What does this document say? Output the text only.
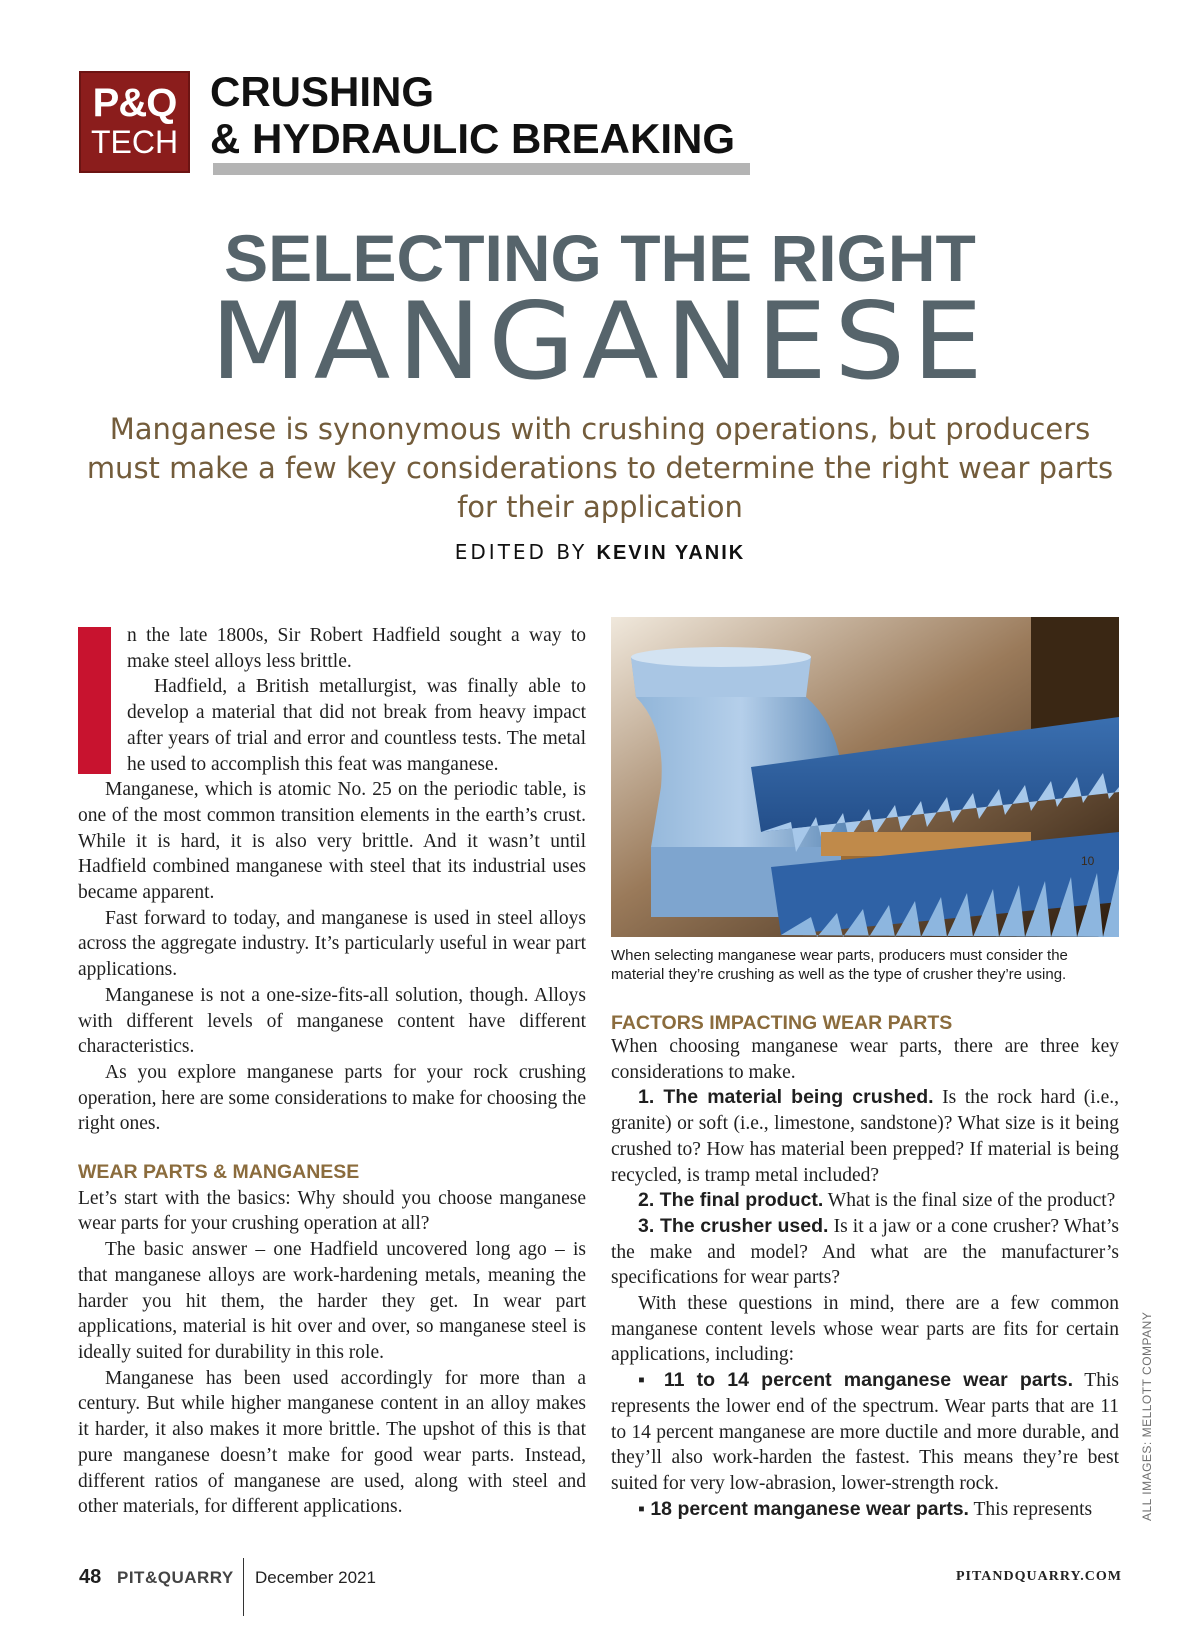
P&Q
TECH
CRUSHING
& HYDRAULIC BREAKING
SELECTING THE RIGHT
MANGANESE
Manganese is synonymous with crushing operations, but producers must make a few key considerations to determine the right wear parts for their application
EDITED BY KEVIN YANIK

n the late 1800s, Sir Robert Hadfield sought a way to make steel alloys less brittle.

Hadfield, a British metallurgist, was finally able to develop a material that did not break from heavy impact after years of trial and error and countless tests. The metal he used to accomplish this feat was manganese.

Manganese, which is atomic No. 25 on the periodic table, is one of the most common transition elements in the earth’s crust. While it is hard, it is also very brittle. And it wasn’t until Hadfield combined manganese with steel that its industrial uses became apparent.

Fast forward to today, and manganese is used in steel alloys across the aggregate industry. It’s particularly useful in wear part applications.

Manganese is not a one-size-fits-all solution, though. Alloys with different levels of manganese content have different characteristics.

As you explore manganese parts for your rock crushing operation, here are some considerations to make for choosing the right ones.

WEAR PARTS & MANGANESE

Let’s start with the basics: Why should you choose manganese wear parts for your crushing operation at all?

The basic answer – one Hadfield uncovered long ago – is that manganese alloys are work-hardening metals, meaning the harder you hit them, the harder they get. In wear part applications, material is hit over and over, so manganese steel is ideally suited for durability in this role.

Manganese has been used accordingly for more than a century. But while higher manganese content in an alloy makes it harder, it also makes it more brittle. The upshot of this is that pure manganese doesn’t make for good wear parts. Instead, different ratios of manganese are used, along with steel and other materials, for different applications.

10
When selecting manganese wear parts, producers must consider the material they’re crushing as well as the type of crusher they’re using.
FACTORS IMPACTING WEAR PARTS

When choosing manganese wear parts, there are three key considerations to make.

1. The material being crushed. Is the rock hard (i.e., granite) or soft (i.e., limestone, sandstone)? What size is it being crushed to? How has material been prepped? If material is being recycled, is tramp metal included?

2. The final product. What is the final size of the product?

3. The crusher used. Is it a jaw or a cone crusher? What’s the make and model? And what are the manufacturer’s specifications for wear parts?

With these questions in mind, there are a few common manganese content levels whose wear parts are fits for certain applications, including:

▪ 11 to 14 percent manganese wear parts. This represents the lower end of the spectrum. Wear parts that are 11 to 14 percent manganese are more ductile and more durable, and they’ll also work-harden the fastest. This means they’re best suited for very low-abrasion, lower-strength rock.

▪ 18 percent manganese wear parts. This represents	ALL IMAGES: MELLOTT COMPANY
48 PIT&QUARRY December 2021	PITANDQUARRY.COM
